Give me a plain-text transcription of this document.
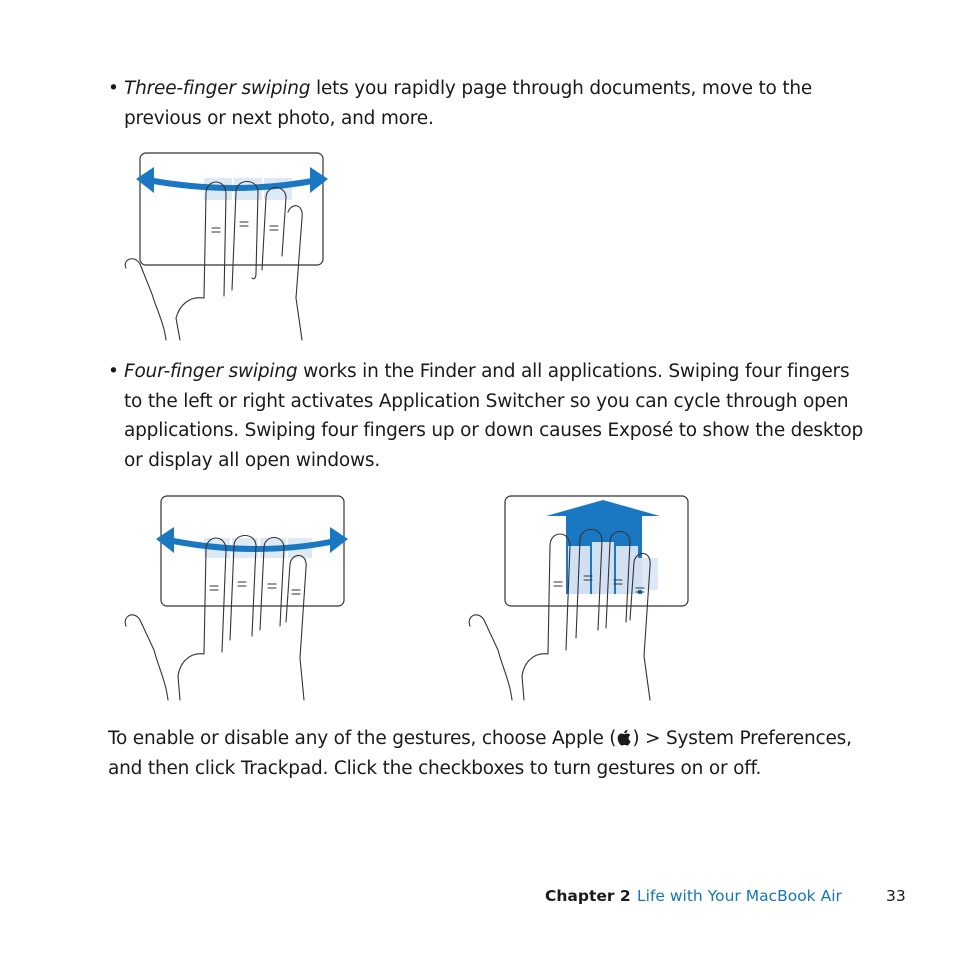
• Three-finger swiping lets you rapidly page through documents, move to the previous or next photo, and more.
• Four-finger swiping works in the Finder and all applications. Swiping four fingers to the left or right activates Application Switcher so you can cycle through open applications. Swiping four fingers up or down causes Exposé to show the desktop or display all open windows.
To enable or disable any of the gestures, choose Apple ( ) > System Preferences, and then click Trackpad. Click the checkboxes to turn gestures on or off.
Chapter 2 Life with Your MacBook Air	33
